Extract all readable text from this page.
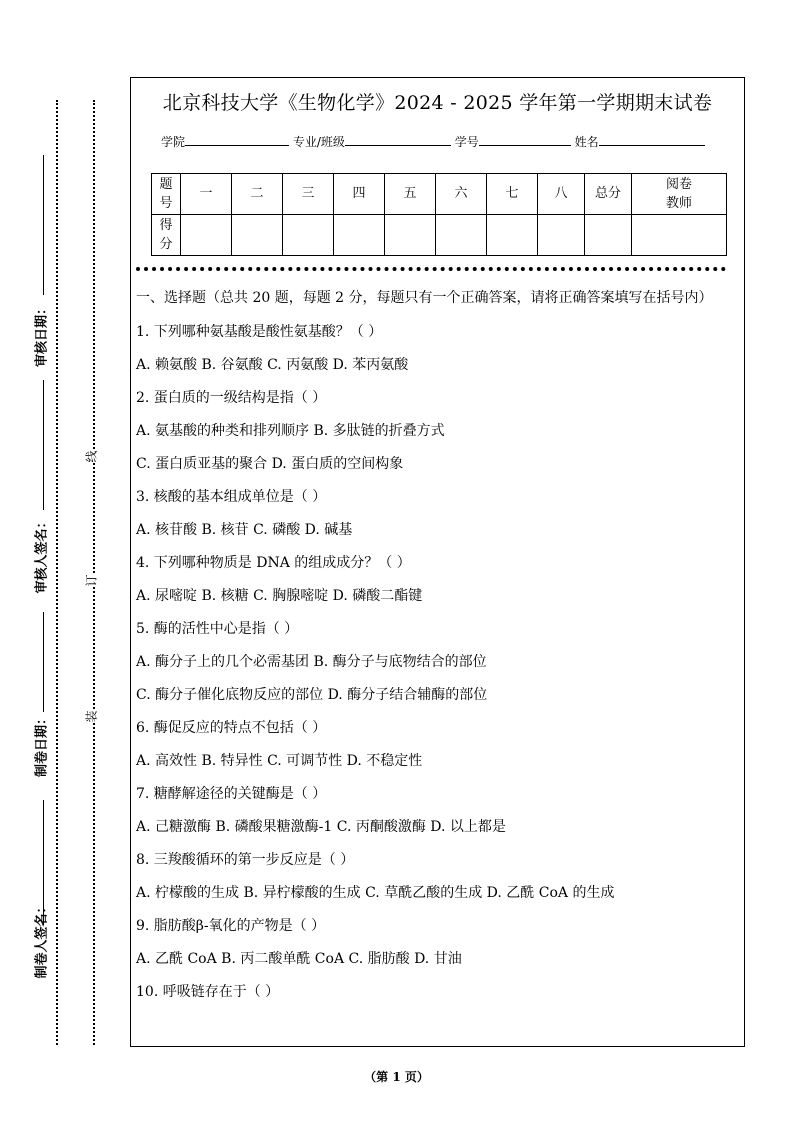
制卷人签名：
制卷日期：
审核人签名：
审核日期：
线
订
装
北京科技大学《生物化学》2024 - 2025 学年第一学期期末试卷
学院	专业/班级	学号	姓名
题号	一	二	三	四	五	六	七	八	总分	阅卷教师
得分										
一、选择题（总共 20 题，每题 2 分，每题只有一个正确答案，请将正确答案填写在括号内）
1. 下列哪种氨基酸是酸性氨基酸？（ ）
A. 赖氨酸 B. 谷氨酸 C. 丙氨酸 D. 苯丙氨酸
2. 蛋白质的一级结构是指（ ）
A. 氨基酸的种类和排列顺序 B. 多肽链的折叠方式
C. 蛋白质亚基的聚合 D. 蛋白质的空间构象
3. 核酸的基本组成单位是（ ）
A. 核苷酸 B. 核苷 C. 磷酸 D. 碱基
4. 下列哪种物质是 DNA 的组成成分？（ ）
A. 尿嘧啶 B. 核糖 C. 胸腺嘧啶 D. 磷酸二酯键
5. 酶的活性中心是指（ ）
A. 酶分子上的几个必需基团 B. 酶分子与底物结合的部位
C. 酶分子催化底物反应的部位 D. 酶分子结合辅酶的部位
6. 酶促反应的特点不包括（ ）
A. 高效性 B. 特异性 C. 可调节性 D. 不稳定性
7. 糖酵解途径的关键酶是（ ）
A. 己糖激酶 B. 磷酸果糖激酶-1 C. 丙酮酸激酶 D. 以上都是
8. 三羧酸循环的第一步反应是（ ）
A. 柠檬酸的生成 B. 异柠檬酸的生成 C. 草酰乙酸的生成 D. 乙酰 CoA 的生成
9. 脂肪酸β-氧化的产物是（ ）
A. 乙酰 CoA B. 丙二酸单酰 CoA C. 脂肪酸 D. 甘油
10. 呼吸链存在于（ ）
（第 1 页）
